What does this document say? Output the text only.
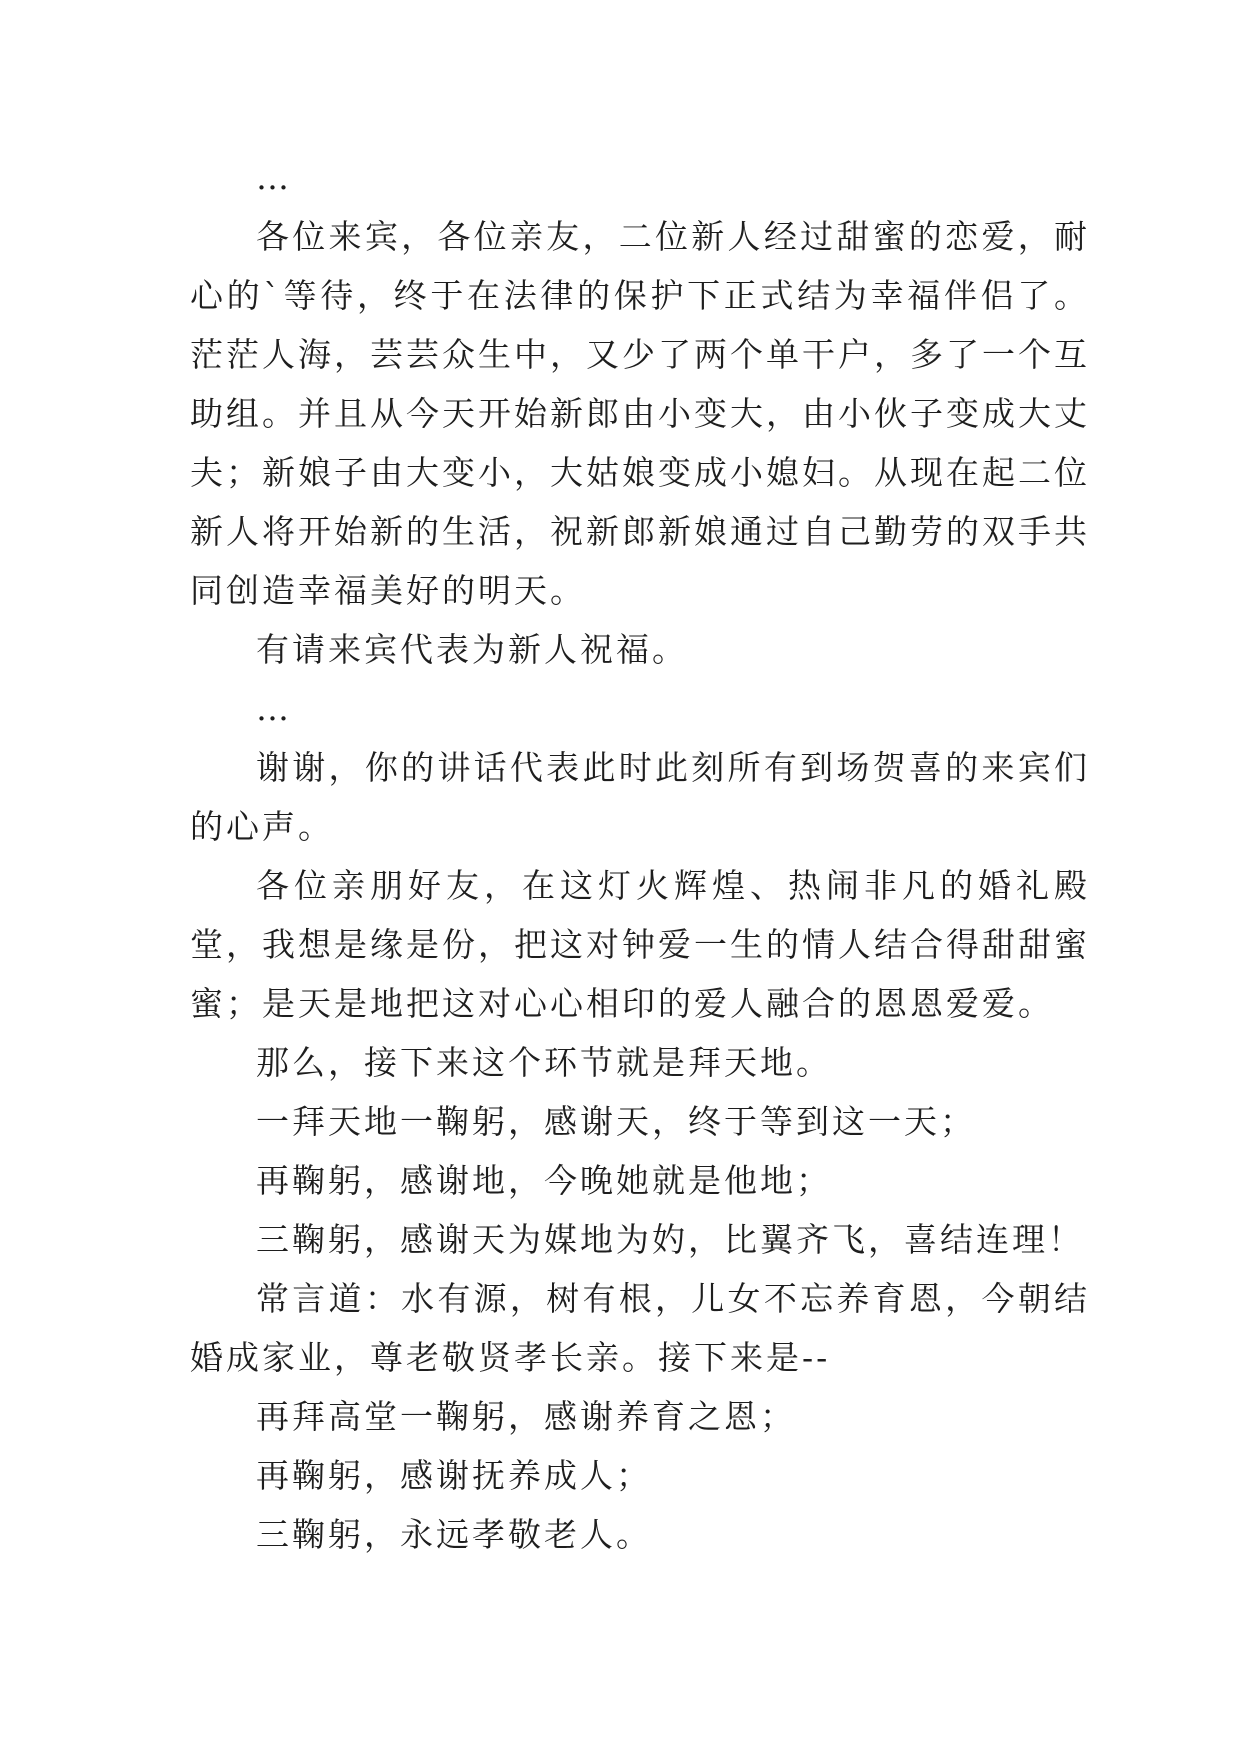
…

各位来宾，各位亲友，二位新人经过甜蜜的恋爱，耐心的`等待，终于在法律的保护下正式结为幸福伴侣了。茫茫人海，芸芸众生中，又少了两个单干户，多了一个互助组。并且从今天开始新郎由小变大，由小伙子变成大丈夫；新娘子由大变小，大姑娘变成小媳妇。从现在起二位新人将开始新的生活，祝新郎新娘通过自己勤劳的双手共同创造幸福美好的明天。

有请来宾代表为新人祝福。

…

谢谢，你的讲话代表此时此刻所有到场贺喜的来宾们的心声。

各位亲朋好友，在这灯火辉煌、热闹非凡的婚礼殿堂，我想是缘是份，把这对钟爱一生的情人结合得甜甜蜜蜜；是天是地把这对心心相印的爱人融合的恩恩爱爱。

那么，接下来这个环节就是拜天地。

一拜天地一鞠躬，感谢天，终于等到这一天；

再鞠躬，感谢地，今晚她就是他地；

三鞠躬，感谢天为媒地为妁，比翼齐飞，喜结连理！

常言道：水有源，树有根，儿女不忘养育恩，今朝结婚成家业，尊老敬贤孝长亲。接下来是--

再拜高堂一鞠躬，感谢养育之恩；

再鞠躬，感谢抚养成人；

三鞠躬，永远孝敬老人。
